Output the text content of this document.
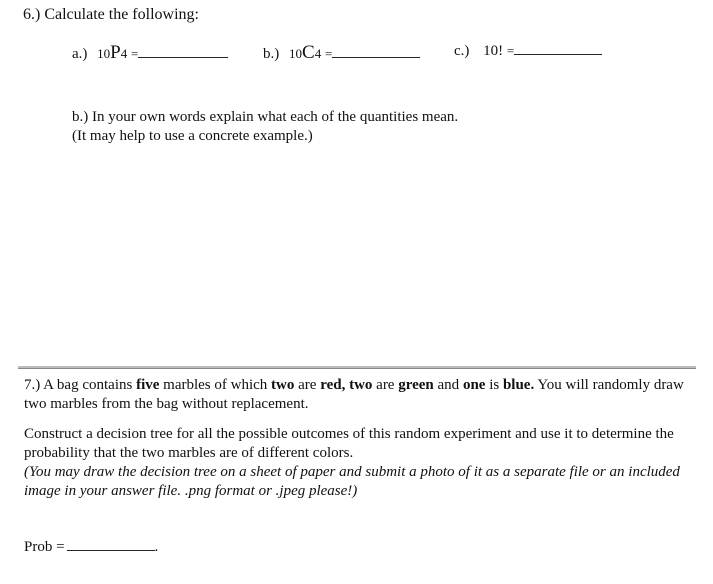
6.) Calculate the following:
a.) 10P4 =	b.) 10C4 =	c.) 10! =
b.) In your own words explain what each of the quantities mean.
(It may help to use a concrete example.)

7.) A bag contains five marbles of which two are red, two are green and one is blue. You will randomly draw two marbles from the bag without replacement.

Construct a decision tree for all the possible outcomes of this random experiment and use it to determine the probability that the two marbles are of different colors.

(You may draw the decision tree on a sheet of paper and submit a photo of it as a separate file or an included image in your answer file. .png format or .jpeg please!)

Prob =	.
